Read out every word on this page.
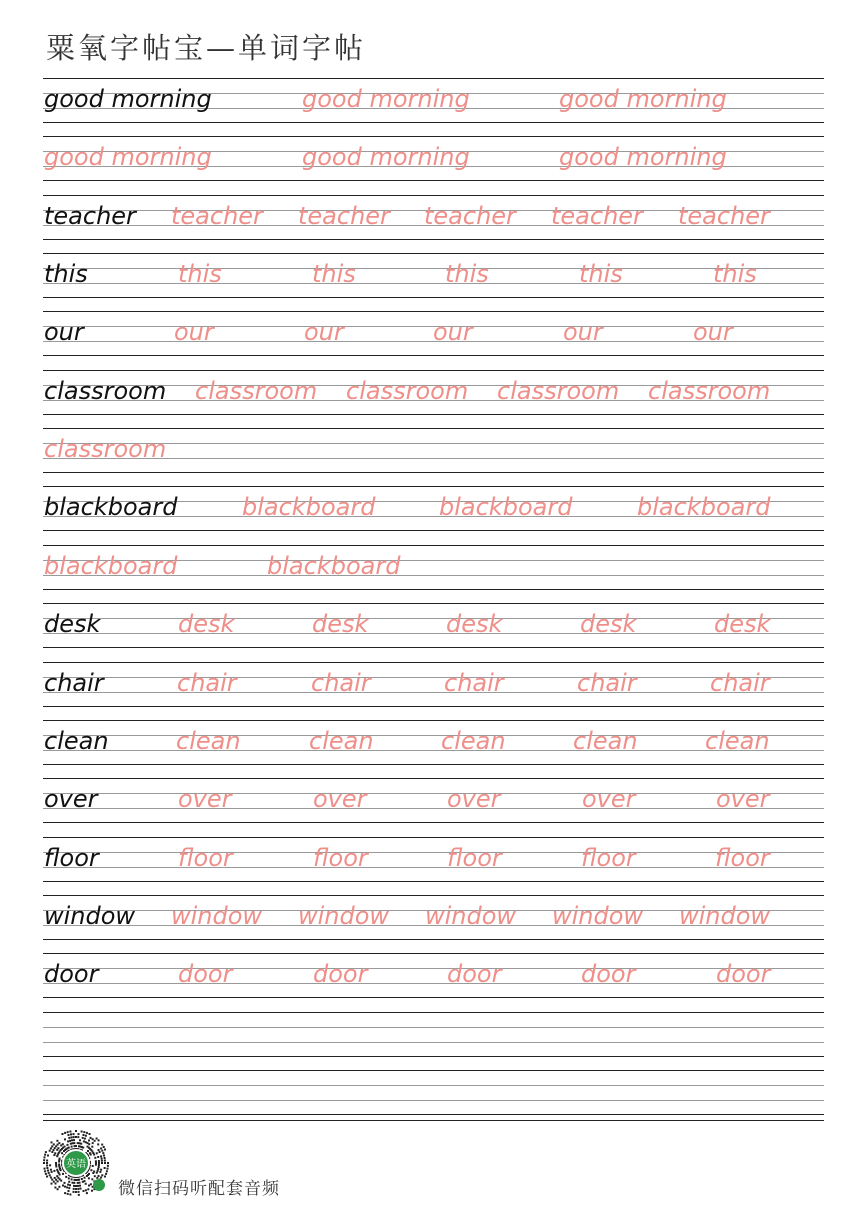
粟氧字帖宝—单词字帖
good morning	good morning	good morning
good morning	good morning	good morning
teacher teacher teacher teacher teacher teacher
this	this	this	this	this	this
our	our	our	our	our	our
classroom classroom classroom classroom classroom
classroom
blackboard	blackboard	blackboard	blackboard
blackboard	blackboard
desk	desk	desk	desk	desk	desk
chair	chair	chair	chair	chair	chair
clean	clean	clean	clean	clean	clean
over	over	over	over	over	over
floor	floor	floor	floor	floor	floor
window window window window window window
door	door	door	door	door	door
英语
微信扫码听配套音频
